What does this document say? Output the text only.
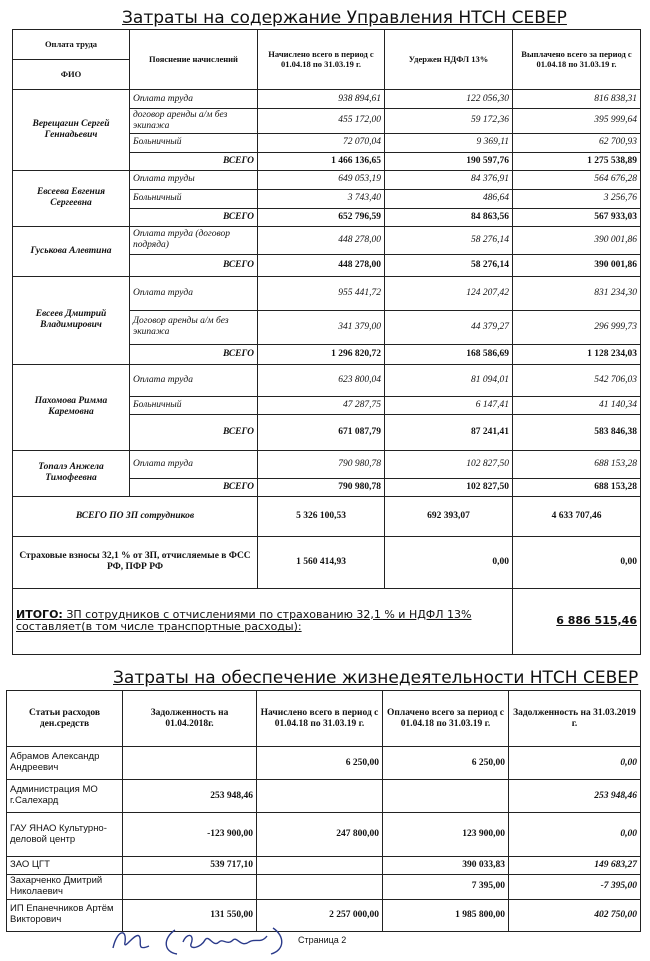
Затраты на содержание Управления НТСН СЕВЕР
Оплата труда	Пояснение начислений	Начислено всего в период с 01.04.18 по 31.03.19 г.	Удержен НДФЛ 13%	Выплачено всего за период с 01.04.18 по 31.03.19 г.
ФИО				
Верещагин Сергей Геннадьевич	Оплата труда	938 894,61	122 056,30	816 838,31
	договор аренды а/м без экипажа	455 172,00	59 172,36	395 999,64
	Больничный	72 070,04	9 369,11	62 700,93
	ВСЕГО	1 466 136,65	190 597,76	1 275 538,89
Евсеева Евгения Сергеевна	Оплата труды	649 053,19	84 376,91	564 676,28
	Больничный	3 743,40	486,64	3 256,76
	ВСЕГО	652 796,59	84 863,56	567 933,03
Гуськова Алевтина	Оплата труда (договор подряда)	448 278,00	58 276,14	390 001,86
	ВСЕГО	448 278,00	58 276,14	390 001,86
Евсеев Дмитрий Владимирович	Оплата труда	955 441,72	124 207,42	831 234,30
	Договор аренды а/м без экипажа	341 379,00	44 379,27	296 999,73
	ВСЕГО	1 296 820,72	168 586,69	1 128 234,03
Пахомова Римма Каремовна	Оплата труда	623 800,04	81 094,01	542 706,03
	Больничный	47 287,75	6 147,41	41 140,34
	ВСЕГО	671 087,79	87 241,41	583 846,38
Топалэ Анжела Тимофеевна	Оплата труда	790 980,78	102 827,50	688 153,28
	ВСЕГО	790 980,78	102 827,50	688 153,28
ВСЕГО ПО ЗП сотрудников		5 326 100,53	692 393,07	4 633 707,46
Страховые взносы 32,1 % от ЗП, отчисляемые в ФСС РФ, ПФР РФ		1 560 414,93	0,00	0,00
ИТОГО: ЗП сотрудников с отчислениями по страхованию 32,1 % и НДФЛ 13% составляет(в том числе транспортные расходы):				6 886 515,46
Затраты на обеспечение жизнедеятельности НТСН СЕВЕР
Статьи расходов ден.средств	Задолженность на 01.04.2018г.	Начислено всего в период с 01.04.18 по 31.03.19 г.	Оплачено всего за период с 01.04.18 по 31.03.19 г.	Задолженность на 31.03.2019 г.
Абрамов Александр Андреевич		6 250,00	6 250,00	0,00
Администрация МО г.Салехард	253 948,46			253 948,46
ГАУ ЯНАО Культурно-деловой центр	-123 900,00	247 800,00	123 900,00	0,00
ЗАО ЦГТ	539 717,10		390 033,83	149 683,27
Захарченко Дмитрий Николаевич			7 395,00	-7 395,00
ИП Епанечников Артём Викторович	131 550,00	2 257 000,00	1 985 800,00	402 750,00
Страница 2
